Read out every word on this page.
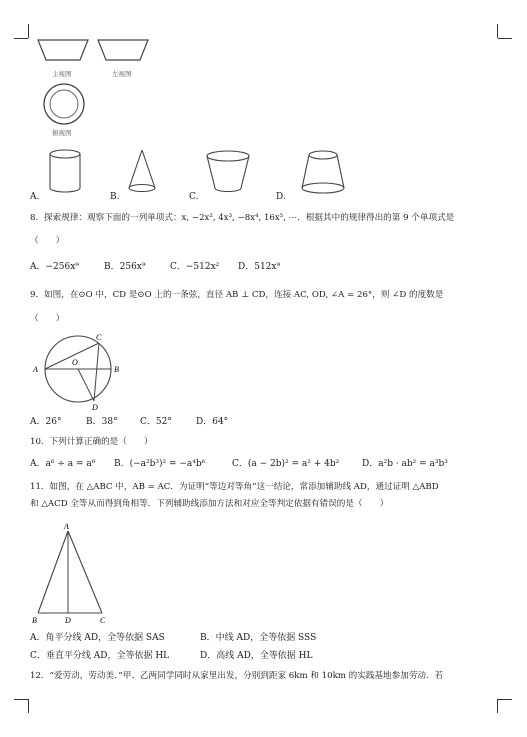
主视图	左视图
俯视图
A.	B.	C.	D.
8．探索规律：观察下面的一列单项式：x, −2x², 4x³, −8x⁴, 16x⁵, ⋯．根据其中的规律得出的第 9 个单项式是
（　　）
A．−256x⁹	B．256x⁹	C．−512x² D．512x⁹
9．如图，在⊙O 中，CD 是⊙O 上的一条弦，直径 AB ⊥ CD，连接 AC, OD, ∠A = 26°，则 ∠D 的度数是
（　　）
A
O
B
C
D
A．26°	B．38° C．52°	D．64°
10．下列计算正确的是（　　）
A．a⁶ ÷ a = a⁶ B．(−a²b³)² = −a⁴b⁶	C．(a − 2b)² = a² + 4b²	D．a²b · ab² = a³b³
11．如图，在 △ABC 中，AB = AC．为证明“等边对等角”这一结论，常添加辅助线 AD，通过证明 △ABD
和 △ACD 全等从而得到角相等．下列辅助线添加方法和对应全等判定依据有错误的是（　　）
A
B	D	C
A．角平分线 AD，全等依据 SAS	B．中线 AD，全等依据 SSS
C．垂直平分线 AD，全等依据 HL	D．高线 AD，全等依据 HL
12．“爱劳动，劳动美．”甲、乙两同学同时从家里出发，分别到距家 6km 和 10km 的实践基地参加劳动．若
